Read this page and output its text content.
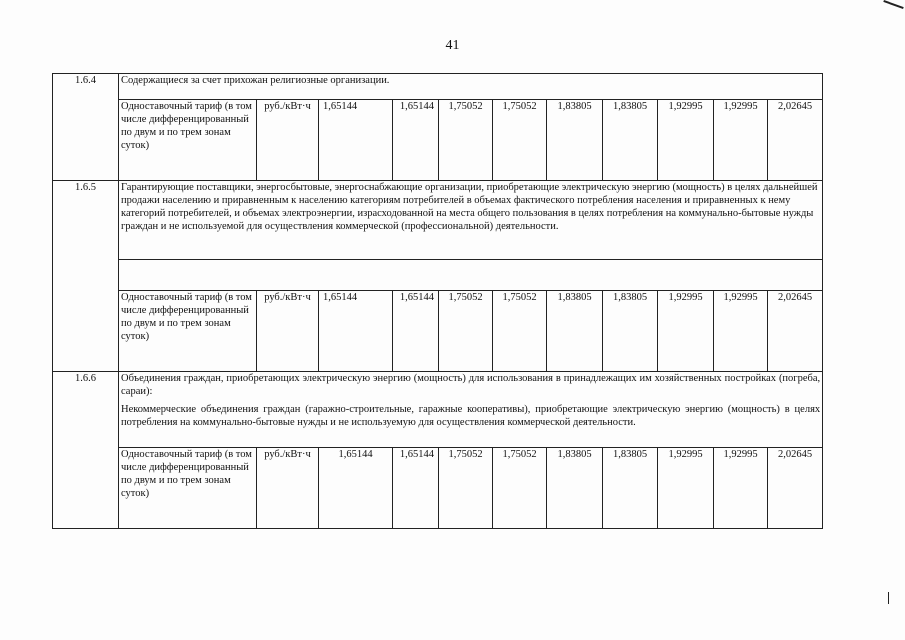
41
1.6.4	Содержащиеся за счет прихожан религиозные организации.										
	Одноставочный тариф (в том числе дифференцированный по двум и по трем зонам суток)	руб./кВт·ч	1,65144	1,65144	1,75052	1,75052	1,83805	1,83805	1,92995	1,92995	2,02645
1.6.5	Гарантирующие поставщики, энергосбытовые, энергоснабжающие организации, приобретающие электрическую энергию (мощность) в целях дальнейшей продажи населению и приравненным к населению категориям потребителей в объемах фактического потребления населения и приравненных к нему категорий потребителей, и объемах электроэнергии, израсходованной на места общего пользования в целях потребления на коммунально-бытовые нужды граждан и не используемой для осуществления коммерческой (профессиональной) деятельности.										

	Одноставочный тариф (в том числе дифференцированный по двум и по трем зонам суток)	руб./кВт·ч	1,65144	1,65144	1,75052	1,75052	1,83805	1,83805	1,92995	1,92995	2,02645
1.6.6	Объединения граждан, приобретающих электрическую энергию (мощность) для использования в принадлежащих им хозяйственных постройках (погреба, сараи):

Некоммерческие объединения граждан (гаражно-строительные, гаражные кооперативы), приобретающие электрическую энергию (мощность) в целях потребления на коммунально-бытовые нужды и не используемую для осуществления коммерческой деятельности.										

	Одноставочный тариф (в том числе дифференцированный по двум и по трем зонам суток)	руб./кВт·ч	1,65144	1,65144	1,75052	1,75052	1,83805	1,83805	1,92995	1,92995	2,02645
